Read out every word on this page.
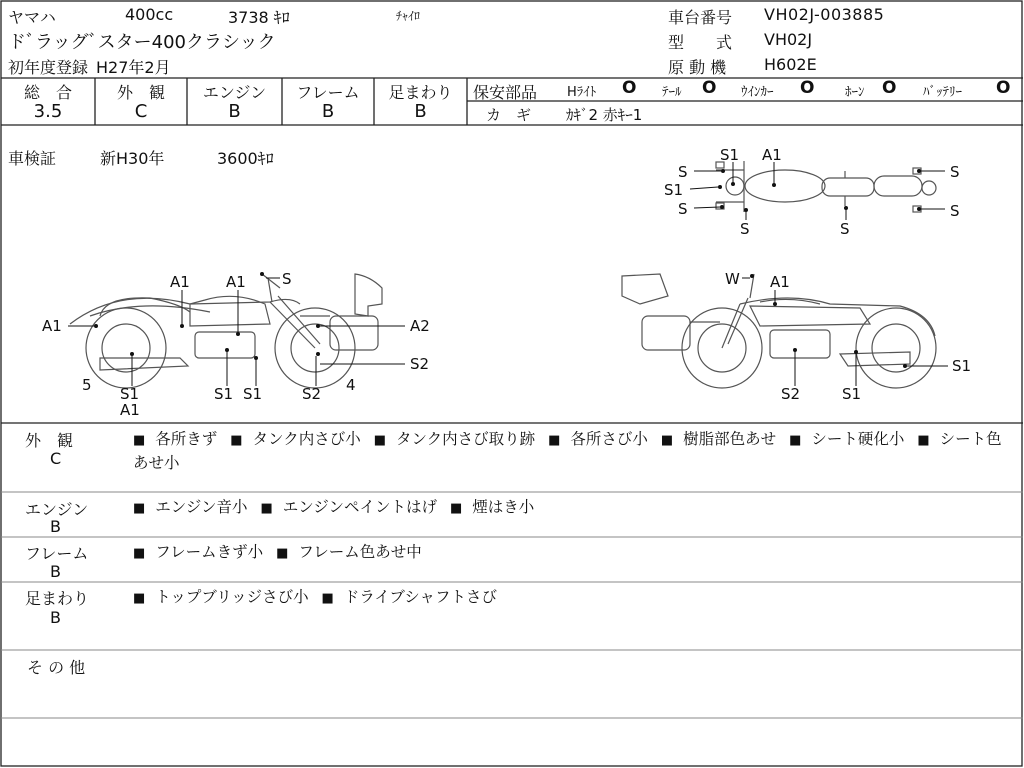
ヤマハ	400cc	3738 ｷﾛ	ﾁｬｲﾛ
ドﾞラッグﾞスター400クラシック
初年度登録 H27年2月
車台番号 VH02J-003885
型　　式 VH02J
原 動 機 H602E
総　合
3.5
外　観
C
エンジン
B
フレーム
B
足まわり
B
保安部品 Hﾗｲﾄ O ﾃｰﾙ O ｳｲﾝｶｰ O ﾎｰﾝ O ﾊﾞｯﾃﾘｰ O
カ　ギ ｶｷﾞ2 赤ｷｰ1
車検証	新H30年	3600ｷﾛ	S1 A1
S
S1
S
S	S
S
S
A1 A1 S
A1	A2
S2
5	4
S1
A1
S1 S1	S2
W A1
S1
S2	S1
外　観
C
■ 各所きず ■ タンク内さび小 ■ タンク内さび取り跡 ■ 各所さび小 ■ 樹脂部色あせ ■ シート硬化小 ■ シート色あせ小
エンジン
B
■ エンジン音小 ■ エンジンペイントはげ ■ 煙はき小
フレーム
B
■ フレームきず小 ■ フレーム色あせ中
足まわり
B
■ トップブリッジさび小 ■ ドライブシャフトさび
そ の 他
